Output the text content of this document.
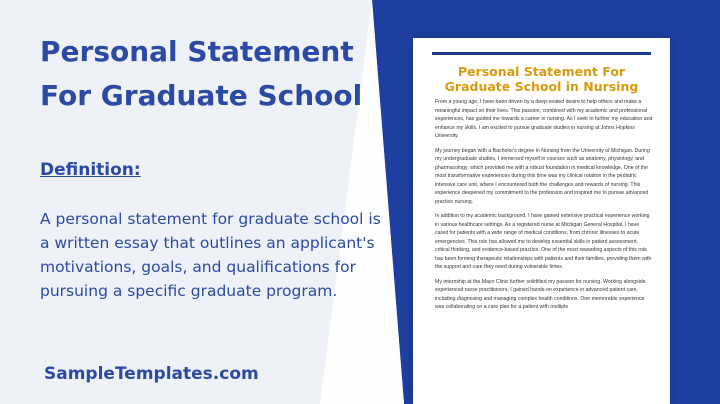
Personal Statement For Graduate School
Definition:
A personal statement for graduate school is a written essay that outlines an applicant's motivations, goals, and qualifications for pursuing a specific graduate program.
SampleTemplates.com
Personal Statement For Graduate School in Nursing

From a young age, I have been driven by a deep-seated desire to help others and make a meaningful impact on their lives. This passion, combined with my academic and professional experiences, has guided me towards a career in nursing. As I seek to further my education and enhance my skills, I am excited to pursue graduate studies in nursing at Johns Hopkins University.

My journey began with a Bachelor's degree in Nursing from the University of Michigan. During my undergraduate studies, I immersed myself in courses such as anatomy, physiology, and pharmacology, which provided me with a robust foundation in medical knowledge. One of the most transformative experiences during this time was my clinical rotation in the pediatric intensive care unit, where I encountered both the challenges and rewards of nursing. This experience deepened my commitment to the profession and inspired me to pursue advanced practice nursing.

In addition to my academic background, I have gained extensive practical experience working in various healthcare settings. As a registered nurse at Michigan General Hospital, I have cared for patients with a wide range of medical conditions, from chronic illnesses to acute emergencies. This role has allowed me to develop essential skills in patient assessment, critical thinking, and evidence-based practice. One of the most rewarding aspects of this role has been forming therapeutic relationships with patients and their families, providing them with the support and care they need during vulnerable times.

My internship at the Mayo Clinic further solidified my passion for nursing. Working alongside experienced nurse practitioners, I gained hands-on experience in advanced patient care, including diagnosing and managing complex health conditions. One memorable experience was collaborating on a care plan for a patient with multiple
